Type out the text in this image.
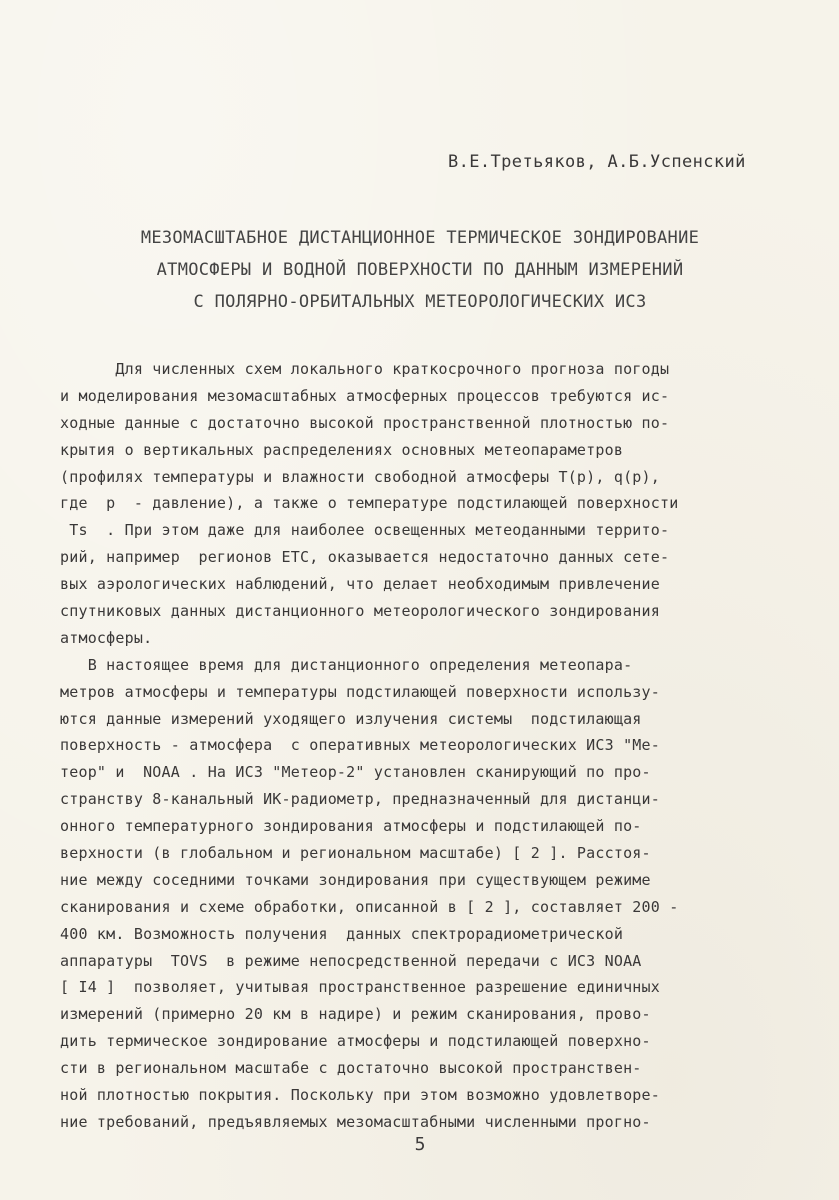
В.Е.Третьяков, А.Б.Успенский
МЕЗОМАСШТАБНОЕ ДИСТАНЦИОННОЕ ТЕРМИЧЕСКОЕ ЗОНДИРОВАНИЕ
АТМОСФЕРЫ И ВОДНОЙ ПОВЕРХНОСТИ ПО ДАННЫМ ИЗМЕРЕНИЙ
С ПОЛЯРНО-ОРБИТАЛЬНЫХ МЕТЕОРОЛОГИЧЕСКИХ ИСЗ
Для численных схем локального краткосрочного прогноза погоды
и моделирования мезомасштабных атмосферных процессов требуются ис-
ходные данные с достаточно высокой пространственной плотностью по-
крытия о вертикальных распределениях основных метеопараметров
(профилях температуры и влажности свободной атмосферы T(p), q(p),
где  p  - давление), а также о температуре подстилающей поверхности
Ts  . При этом даже для наиболее освещенных метеоданными террито-
рий, например  регионов ЕТС, оказывается недостаточно данных сете-
вых аэрологических наблюдений, что делает необходимым привлечение
спутниковых данных дистанционного метеорологического зондирования
атмосферы.
В настоящее время для дистанционного определения метеопара-
метров атмосферы и температуры подстилающей поверхности использу-
ются данные измерений уходящего излучения системы  подстилающая
поверхность - атмосфера  с оперативных метеорологических ИСЗ "Ме-
теор" и  NOAA . На ИСЗ "Метеор-2" установлен сканирующий по про-
странству 8-канальный ИК-радиометр, предназначенный для дистанци-
онного температурного зондирования атмосферы и подстилающей по-
верхности (в глобальном и региональном масштабе) [ 2 ]. Расстоя-
ние между соседними точками зондирования при существующем режиме
сканирования и схеме обработки, описанной в [ 2 ], составляет 200 -
400 км. Возможность получения  данных спектрорадиометрической
аппаратуры  TOVS  в режиме непосредственной передачи с ИСЗ NOAA
[ I4 ]  позволяет, учитывая пространственное разрешение единичных
измерений (примерно 20 км в надире) и режим сканирования, прово-
дить термическое зондирование атмосферы и подстилающей поверхно-
сти в региональном масштабе с достаточно высокой пространствен-
ной плотностью покрытия. Поскольку при этом возможно удовлетворе-
ние требований, предъявляемых мезомасштабными численными прогно-
5
